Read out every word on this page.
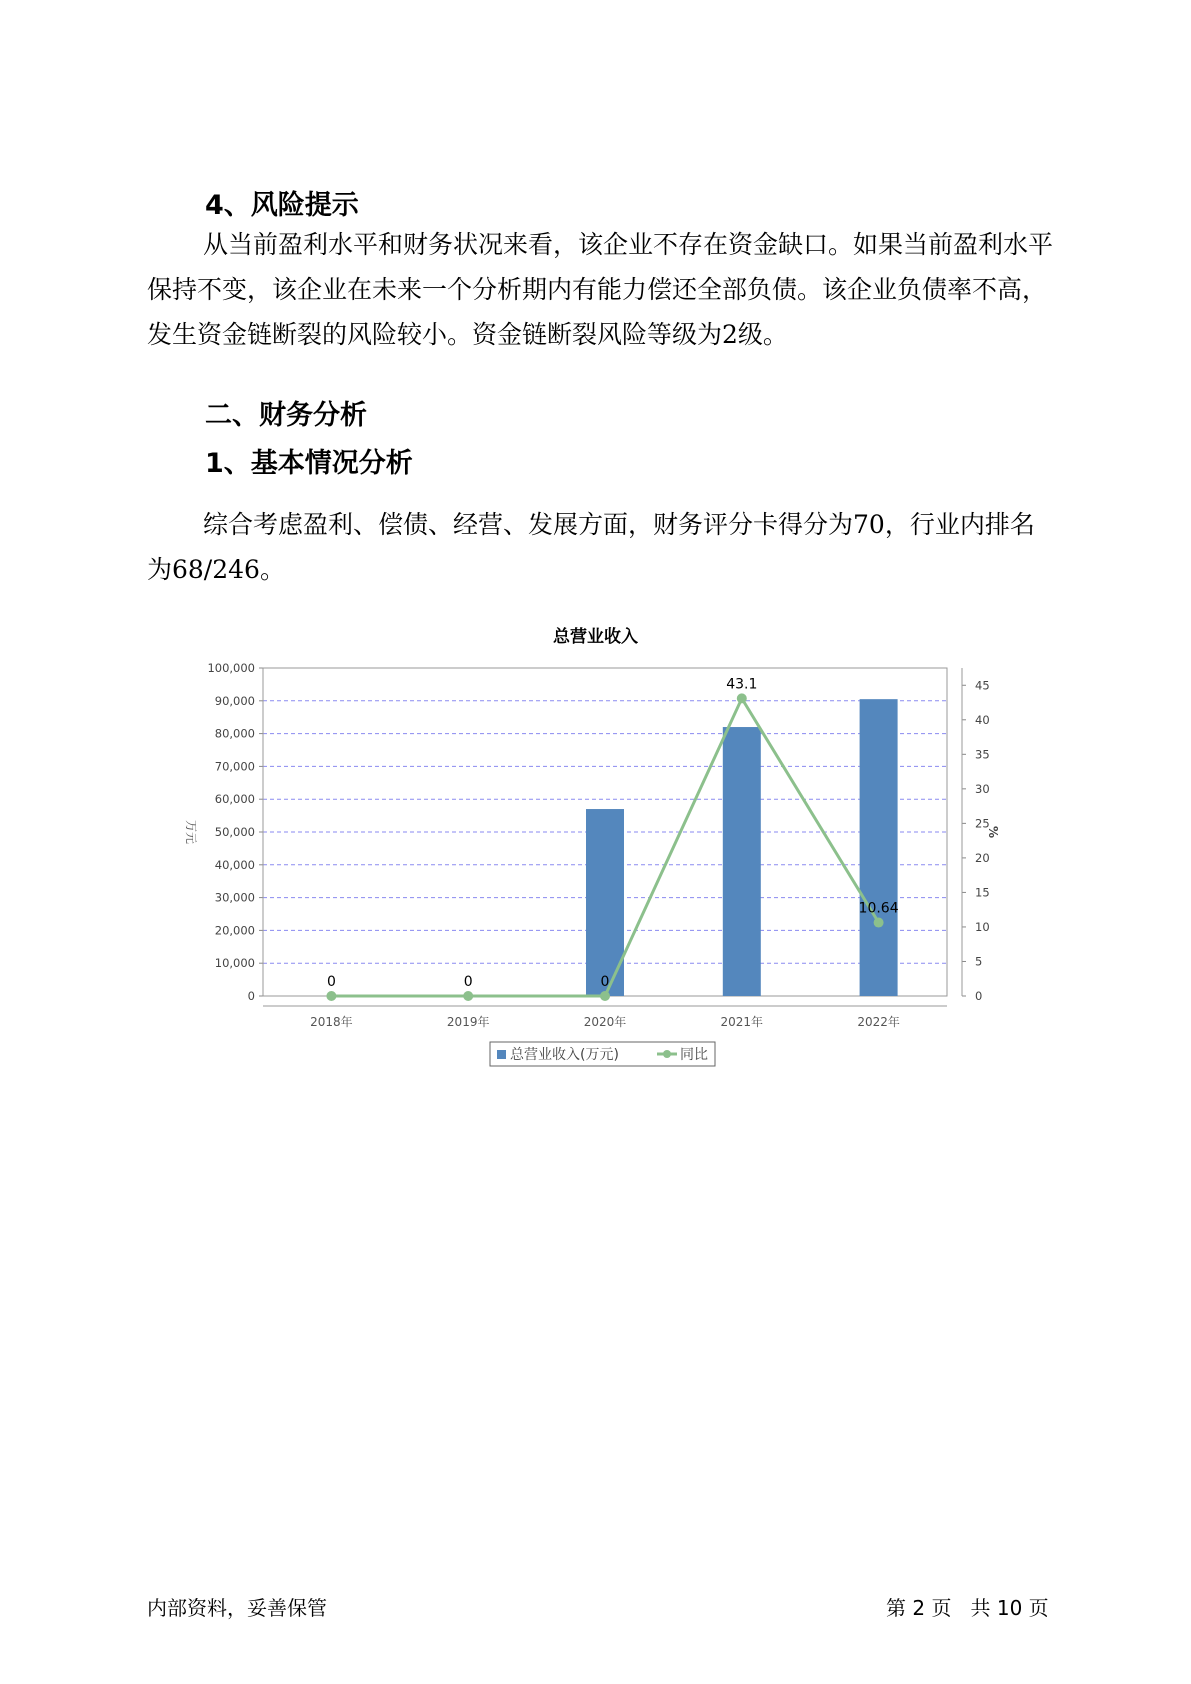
4、风险提示
从当前盈利水平和财务状况来看，该企业不存在资金缺口。如果当前盈利水平保持不变，该企业在未来一个分析期内有能力偿还全部负债。该企业负债率不高，发生资金链断裂的风险较小。资金链断裂风险等级为2级。
二、财务分析
1、基本情况分析
综合考虑盈利、偿债、经营、发展方面，财务评分卡得分为70，行业内排名为68/246。
总营业收入
0
10,000
20,000
30,000
40,000
50,000
60,000
70,000
80,000
90,000
100,000
0
5
10
15
20
25
30
35
40
45
万元	%
2018年	2019年	2020年	2021年	2022年
0	0	0
43.1
10.64
总营业收入(万元)	同比
内部资料，妥善保管	第 2 页   共 10 页
